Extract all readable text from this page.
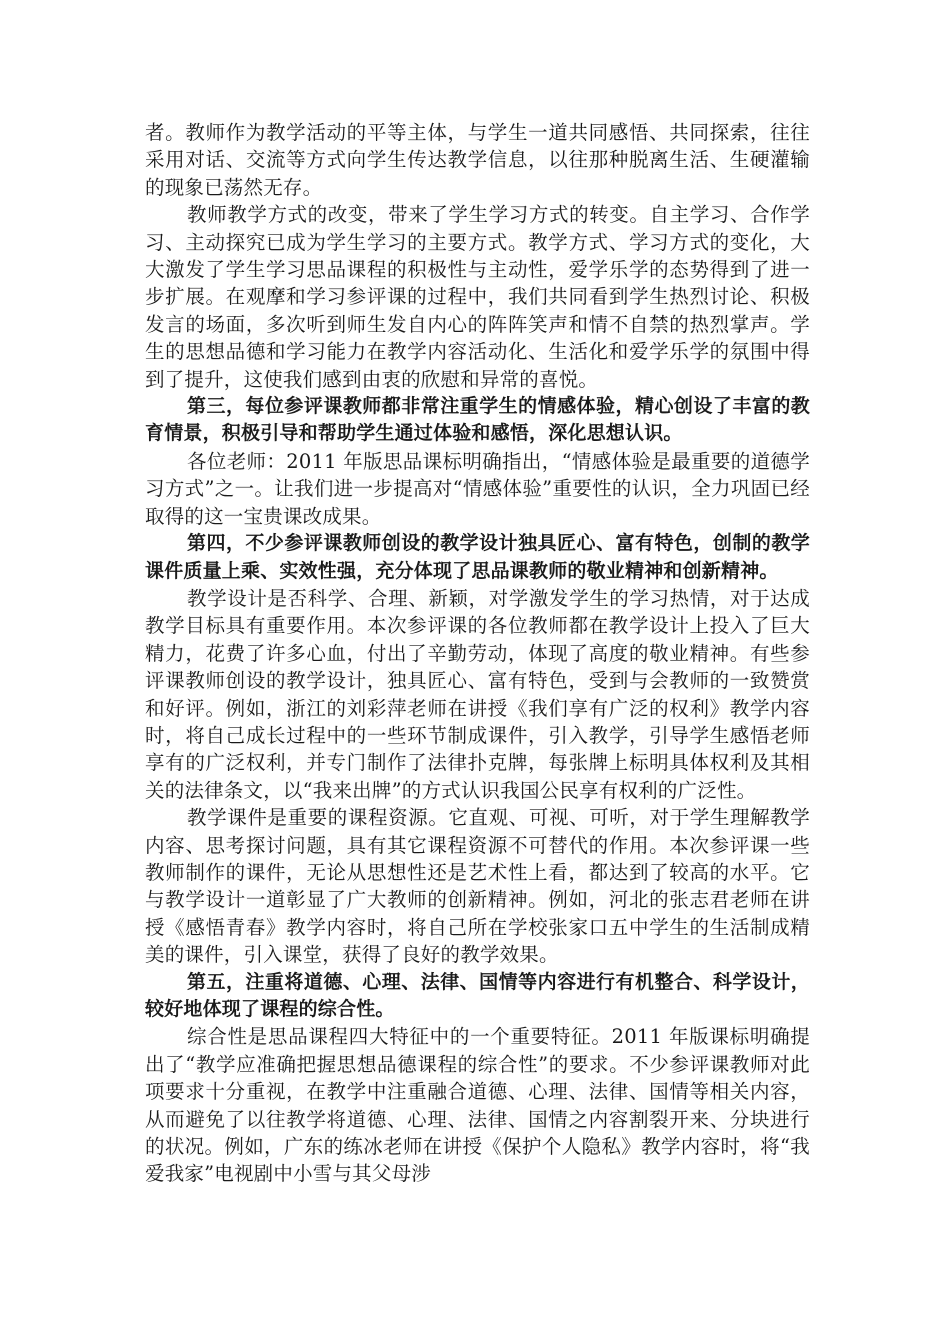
者。教师作为教学活动的平等主体，与学生一道共同感悟、共同探索，往往采用对话、交流等方式向学生传达教学信息，以往那种脱离生活、生硬灌输的现象已荡然无存。

教师教学方式的改变，带来了学生学习方式的转变。自主学习、合作学习、主动探究已成为学生学习的主要方式。教学方式、学习方式的变化，大大激发了学生学习思品课程的积极性与主动性，爱学乐学的态势得到了进一步扩展。在观摩和学习参评课的过程中，我们共同看到学生热烈讨论、积极发言的场面，多次听到师生发自内心的阵阵笑声和情不自禁的热烈掌声。学生的思想品德和学习能力在教学内容活动化、生活化和爱学乐学的氛围中得到了提升，这使我们感到由衷的欣慰和异常的喜悦。

第三，每位参评课教师都非常注重学生的情感体验，精心创设了丰富的教育情景，积极引导和帮助学生通过体验和感悟，深化思想认识。

各位老师：2011 年版思品课标明确指出，“情感体验是最重要的道德学习方式”之一。让我们进一步提高对“情感体验”重要性的认识，全力巩固已经取得的这一宝贵课改成果。

第四，不少参评课教师创设的教学设计独具匠心、富有特色，创制的教学课件质量上乘、实效性强，充分体现了思品课教师的敬业精神和创新精神。

教学设计是否科学、合理、新颖，对学激发学生的学习热情，对于达成教学目标具有重要作用。本次参评课的各位教师都在教学设计上投入了巨大精力，花费了许多心血，付出了辛勤劳动，体现了高度的敬业精神。有些参评课教师创设的教学设计，独具匠心、富有特色，受到与会教师的一致赞赏和好评。例如，浙江的刘彩萍老师在讲授《我们享有广泛的权利》教学内容时，将自己成长过程中的一些环节制成课件，引入教学，引导学生感悟老师享有的广泛权利，并专门制作了法律扑克牌，每张牌上标明具体权利及其相关的法律条文，以“我来出牌”的方式认识我国公民享有权利的广泛性。

教学课件是重要的课程资源。它直观、可视、可听，对于学生理解教学内容、思考探讨问题，具有其它课程资源不可替代的作用。本次参评课一些教师制作的课件，无论从思想性还是艺术性上看，都达到了较高的水平。它与教学设计一道彰显了广大教师的创新精神。例如，河北的张志君老师在讲授《感悟青春》教学内容时，将自己所在学校张家口五中学生的生活制成精美的课件，引入课堂，获得了良好的教学效果。

第五，注重将道德、心理、法律、国情等内容进行有机整合、科学设计，较好地体现了课程的综合性。

综合性是思品课程四大特征中的一个重要特征。2011 年版课标明确提出了“教学应准确把握思想品德课程的综合性”的要求。不少参评课教师对此项要求十分重视，在教学中注重融合道德、心理、法律、国情等相关内容，从而避免了以往教学将道德、心理、法律、国情之内容割裂开来、分块进行的状况。例如，广东的练冰老师在讲授《保护个人隐私》教学内容时，将“我爱我家”电视剧中小雪与其父母涉
